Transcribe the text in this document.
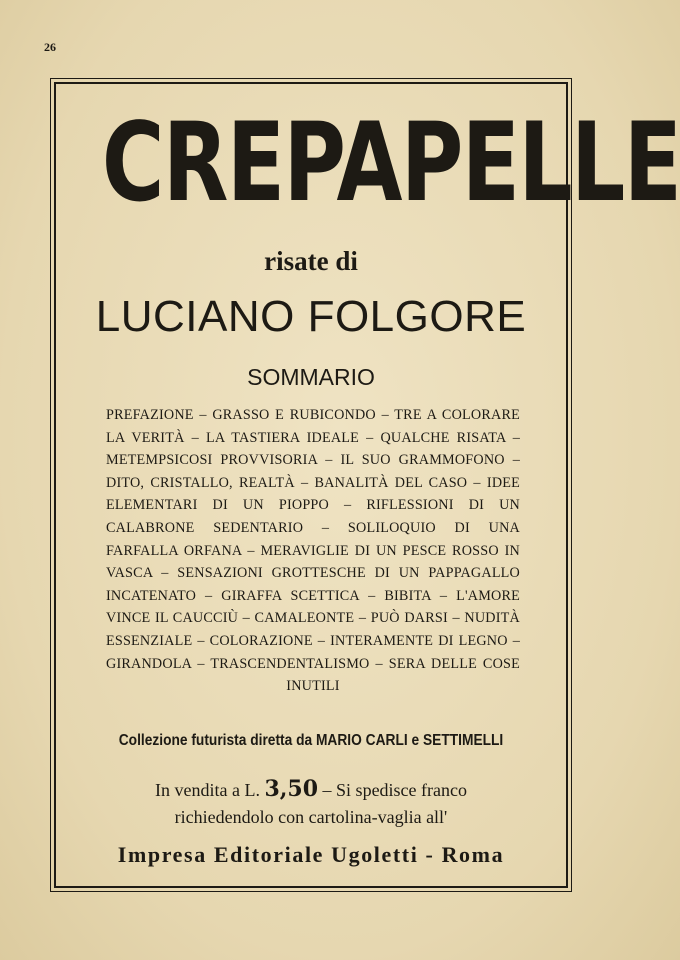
26
CREPAPELLE
risate di
LUCIANO FOLGORE
SOMMARIO
PREFAZIONE – GRASSO E RUBICONDO – TRE A COLORARE LA VERITÀ – LA TASTIERA IDEALE – QUALCHE RISATA – METEMPSICOSI PROVVISORIA – IL SUO GRAMMOFONO – DITO, CRISTALLO, REALTÀ – BANALITÀ DEL CASO – IDEE ELEMENTARI DI UN PIOPPO – RIFLESSIONI DI UN CALABRONE SEDENTARIO – SOLILOQUIO DI UNA FARFALLA ORFANA – MERAVIGLIE DI UN PESCE ROSSO IN VASCA – SENSAZIONI GROTTESCHE DI UN PAPPAGALLO INCATENATO – GIRAFFA SCETTICA – BIBITA – L'AMORE VINCE IL CAUCCIÙ – CAMALEONTE – PUÒ DARSI – NUDITÀ ESSENZIALE – COLORAZIONE – INTERAMENTE DI LEGNO – GIRANDOLA – TRASCENDENTALISMO – SERA DELLE COSE INUTILI
Collezione futurista diretta da MARIO CARLI e SETTIMELLI
In vendita a L. 3,50 – Si spedisce franco
richiedendolo con cartolina-vaglia all'
Impresa Editoriale Ugoletti - Roma
